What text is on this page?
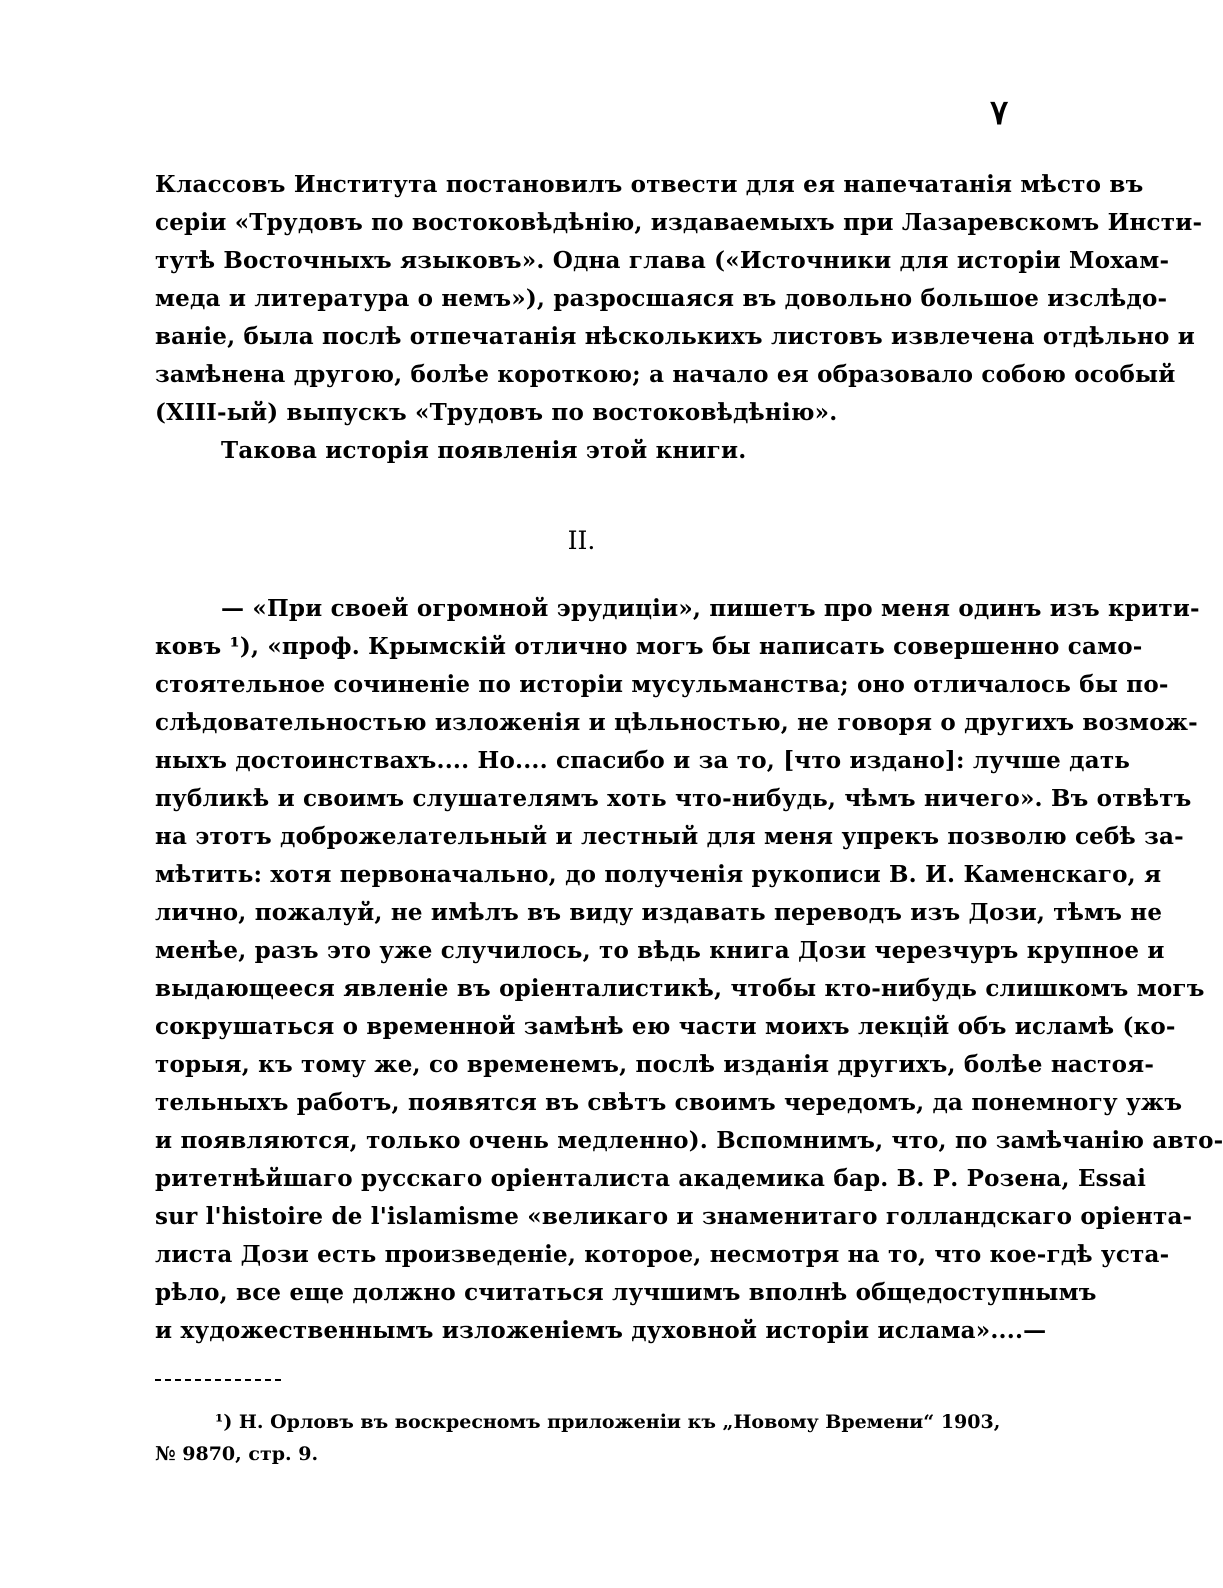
٧
Классовъ Института постановилъ отвести для ея напечатанія мѣсто въ
серіи «Трудовъ по востоковѣдѣнію, издаваемыхъ при Лазаревскомъ Инсти-
тутѣ Восточныхъ языковъ». Одна глава («Источники для исторіи Мохам-
меда и литература о немъ»), разросшаяся въ довольно большое изслѣдо-
ваніе, была послѣ отпечатанія нѣсколькихъ листовъ извлечена отдѣльно и
замѣнена другою, болѣе короткою; а начало ея образовало собою особый
(XIII-ый) выпускъ «Трудовъ по востоковѣдѣнію».
Такова исторія появленія этой книги.
II.
— «При своей огромной эрудиціи», пишетъ про меня одинъ изъ крити-
ковъ ¹), «проф. Крымскій отлично могъ бы написать совершенно само-
стоятельное сочиненіе по исторіи мусульманства; оно отличалось бы по-
слѣдовательностью изложенія и цѣльностью, не говоря о другихъ возмож-
ныхъ достоинствахъ.... Но.... спасибо и за то, [что издано]: лучше дать
публикѣ и своимъ слушателямъ хоть что-нибудь, чѣмъ ничего». Въ отвѣтъ
на этотъ доброжелательный и лестный для меня упрекъ позволю себѣ за-
мѣтить: хотя первоначально, до полученія рукописи В. И. Каменскаго, я
лично, пожалуй, не имѣлъ въ виду издавать переводъ изъ Дози, тѣмъ не
менѣе, разъ это уже случилось, то вѣдь книга Дози черезчуръ крупное и
выдающееся явленіе въ оріенталистикѣ, чтобы кто-нибудь слишкомъ могъ
сокрушаться о временной замѣнѣ ею части моихъ лекцій объ исламѣ (ко-
торыя, къ тому же, со временемъ, послѣ изданія другихъ, болѣе настоя-
тельныхъ работъ, появятся въ свѣтъ своимъ чередомъ, да понемногу ужъ
и появляются, только очень медленно). Вспомнимъ, что, по замѣчанію авто-
ритетнѣйшаго русскаго оріенталиста академика бар. В. Р. Розена, Essai
sur l'histoire de l'islamisme «великаго и знаменитаго голландскаго оріента-
листа Дози есть произведеніе, которое, несмотря на то, что кое-гдѣ уста-
рѣло, все еще должно считаться лучшимъ вполнѣ общедоступнымъ
и художественнымъ изложеніемъ духовной исторіи ислама»....—
¹) Н. Орловъ въ воскресномъ приложеніи къ „Новому Времени“ 1903,
№ 9870, стр. 9.
